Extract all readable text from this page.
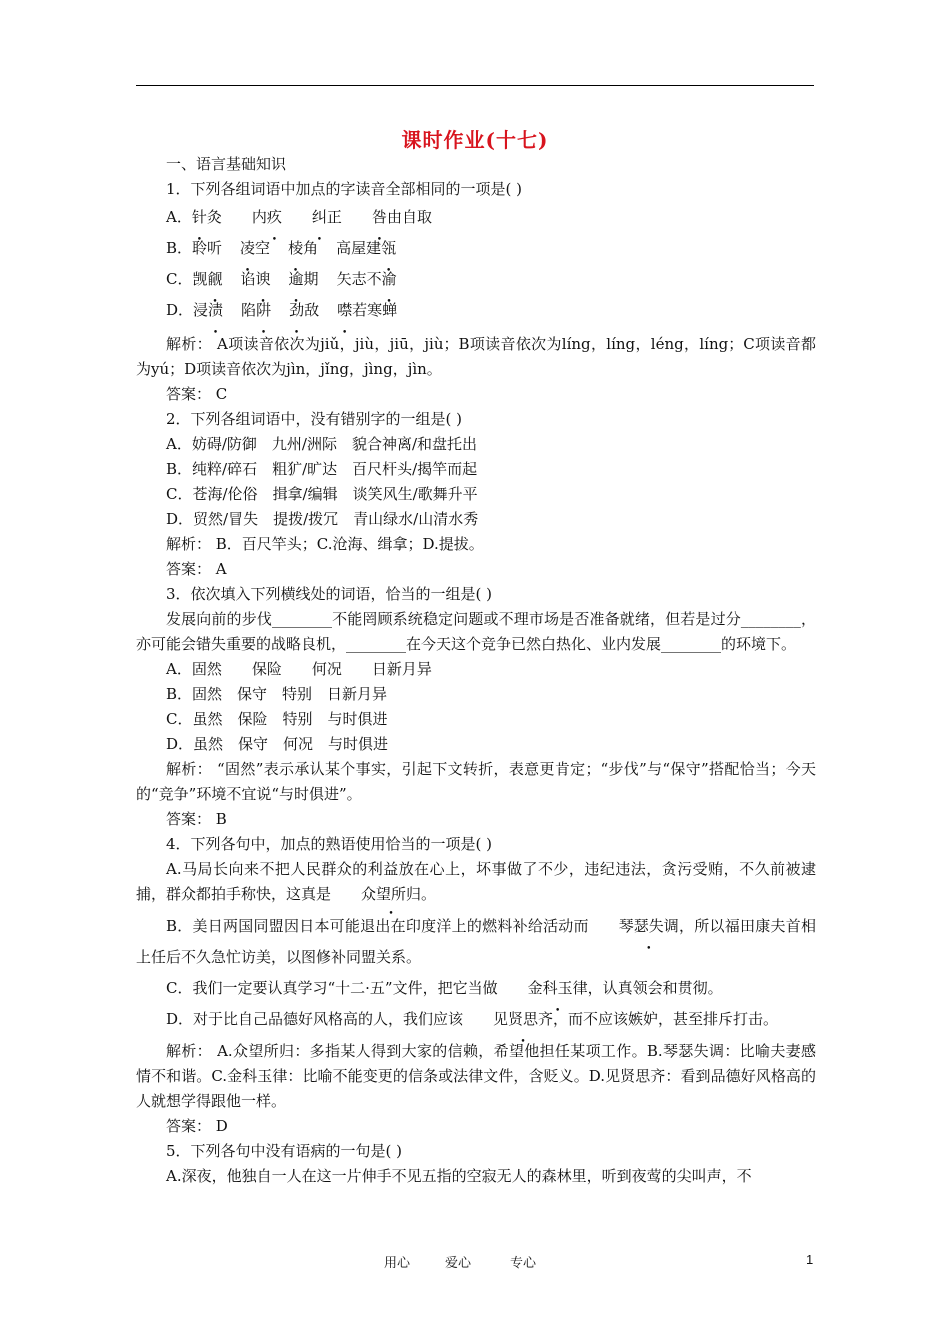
课时作业(十七)

一、语言基础知识

1．下列各组词语中加点的字读音全部相同的一项是( )

A．针灸 内疚 纠正 咎由自取

B．聆听 凌空 棱角 高屋建瓴

C．觊觎 谄谀 逾期 矢志不渝

D．浸渍 陷阱 劲敌 噤若寒蝉

解析： A项读音依次为jiǔ，jiù，jiū，jiù；B项读音依次为líng，líng，léng，líng；C项读音都为yú；D项读音依次为jìn，jǐng，jìng，jìn。

答案： C

2．下列各组词语中，没有错别字的一组是( )

A．妨碍/防御　九州/洲际　貌合神离/和盘托出

B．纯粹/碎石　粗犷/旷达　百尺杆头/揭竿而起

C．苍海/伦俗　揖拿/编辑　谈笑风生/歌舞升平

D．贸然/冒失　提拨/拨冗　青山绿水/山清水秀

解析： B．百尺竿头；C.沧海、缉拿；D.提拔。

答案： A

3．依次填入下列横线处的词语，恰当的一组是( )

发展向前的步伐________不能罔顾系统稳定问题或不理市场是否准备就绪，但若是过分________，亦可能会错失重要的战略良机，________在今天这个竞争已然白热化、业内发展________的环境下。

A．固然　　保险　　何况　　日新月异

B．固然　保守　特别　日新月异

C．虽然　保险　特别　与时俱进

D．虽然　保守　何况　与时俱进

解析： “固然”表示承认某个事实，引起下文转折，表意更肯定；“步伐”与“保守”搭配恰当；今天的“竞争”环境不宜说“与时俱进”。

答案： B

4．下列各句中，加点的熟语使用恰当的一项是( )

A.马局长向来不把人民群众的利益放在心上，坏事做了不少，违纪违法，贪污受贿，不久前被逮捕，群众都拍手称快，这真是 众望所归。

B．美日两国同盟因日本可能退出在印度洋上的燃料补给活动而 琴瑟失调，所以福田康夫首相上任后不久急忙访美，以图修补同盟关系。

C．我们一定要认真学习“十二·五”文件，把它当做 金科玉律，认真领会和贯彻。

D．对于比自己品德好风格高的人，我们应该 见贤思齐，而不应该嫉妒，甚至排斥打击。

解析： A.众望所归：多指某人得到大家的信赖，希望他担任某项工作。B.琴瑟失调：比喻夫妻感情不和谐。C.金科玉律：比喻不能变更的信条或法律文件，含贬义。D.见贤思齐：看到品德好风格高的人就想学得跟他一样。

答案： D

5．下列各句中没有语病的一句是( )

A.深夜，他独自一人在这一片伸手不见五指的空寂无人的森林里，听到夜莺的尖叫声，不

用心	爱心	专心	1
